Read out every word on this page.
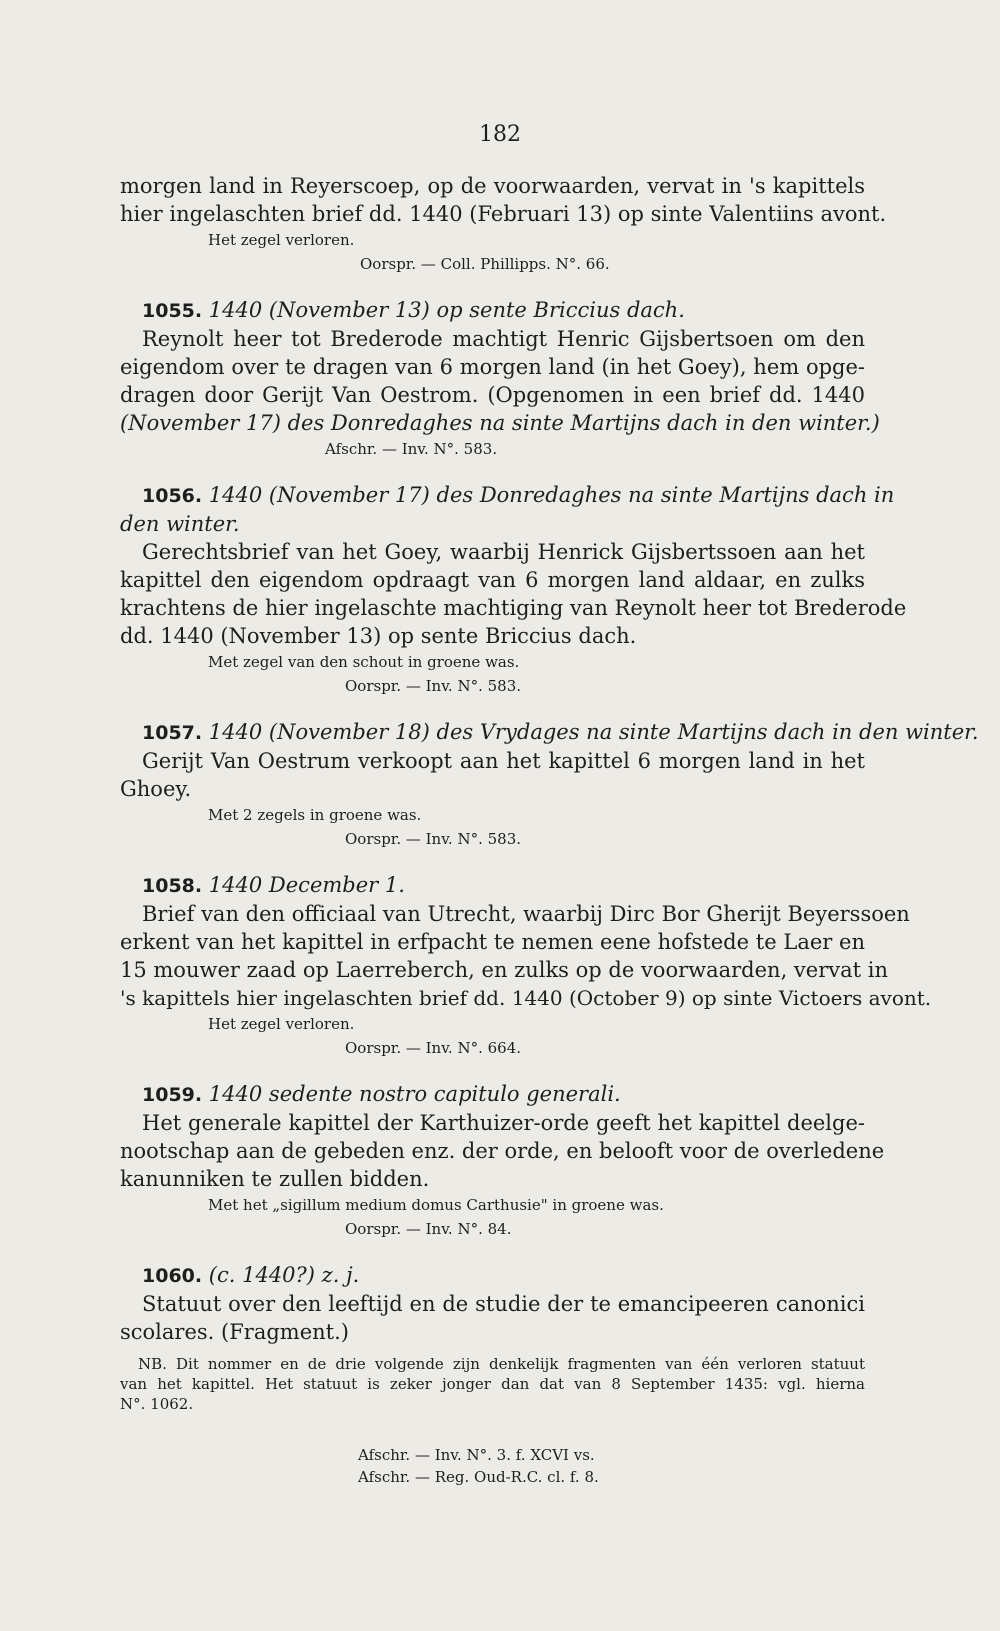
182
morgen land in Reyerscoep, op de voorwaarden, vervat in 's kapittels
hier ingelaschten brief dd. 1440 (Februari 13) op sinte Valentiins avont.
Het zegel verloren.
Oorspr. — Coll. Phillipps. N°. 66.
1055. 1440 (November 13) op sente Briccius dach.
Reynolt heer tot Brederode machtigt Henric Gijsbertsoen om den
eigendom over te dragen van 6 morgen land (in het Goey), hem opge-
dragen door Gerijt Van Oestrom. (Opgenomen in een brief dd. 1440
(November 17) des Donredaghes na sinte Martijns dach in den winter.)
Afschr. — Inv. N°. 583.
1056. 1440 (November 17) des Donredaghes na sinte Martijns dach in
den winter.
Gerechtsbrief van het Goey, waarbij Henrick Gijsbertssoen aan het
kapittel den eigendom opdraagt van 6 morgen land aldaar, en zulks
krachtens de hier ingelaschte machtiging van Reynolt heer tot Brederode
dd. 1440 (November 13) op sente Briccius dach.
Met zegel van den schout in groene was.
Oorspr. — Inv. N°. 583.
1057. 1440 (November 18) des Vrydages na sinte Martijns dach in den winter.
Gerijt Van Oestrum verkoopt aan het kapittel 6 morgen land in het
Ghoey.
Met 2 zegels in groene was.
Oorspr. — Inv. N°. 583.
1058. 1440 December 1.
Brief van den officiaal van Utrecht, waarbij Dirc Bor Gherijt Beyerssoen
erkent van het kapittel in erfpacht te nemen eene hofstede te Laer en
15 mouwer zaad op Laerreberch, en zulks op de voorwaarden, vervat in
's kapittels hier ingelaschten brief dd. 1440 (October 9) op sinte Victoers avont.
Het zegel verloren.
Oorspr. — Inv. N°. 664.
1059. 1440 sedente nostro capitulo generali.
Het generale kapittel der Karthuizer-orde geeft het kapittel deelge-
nootschap aan de gebeden enz. der orde, en belooft voor de overledene
kanunniken te zullen bidden.
Met het „sigillum medium domus Carthusie" in groene was.
Oorspr. — Inv. N°. 84.
1060. (c. 1440?) z. j.
Statuut over den leeftijd en de studie der te emancipeeren canonici
scolares. (Fragment.)
NB. Dit nommer en de drie volgende zijn denkelijk fragmenten van één verloren statuut
van het kapittel. Het statuut is zeker jonger dan dat van 8 September 1435: vgl. hierna
N°. 1062.
Afschr. — Inv. N°. 3. f. XCVI vs.
Afschr. — Reg. Oud-R.C. cl. f. 8.
